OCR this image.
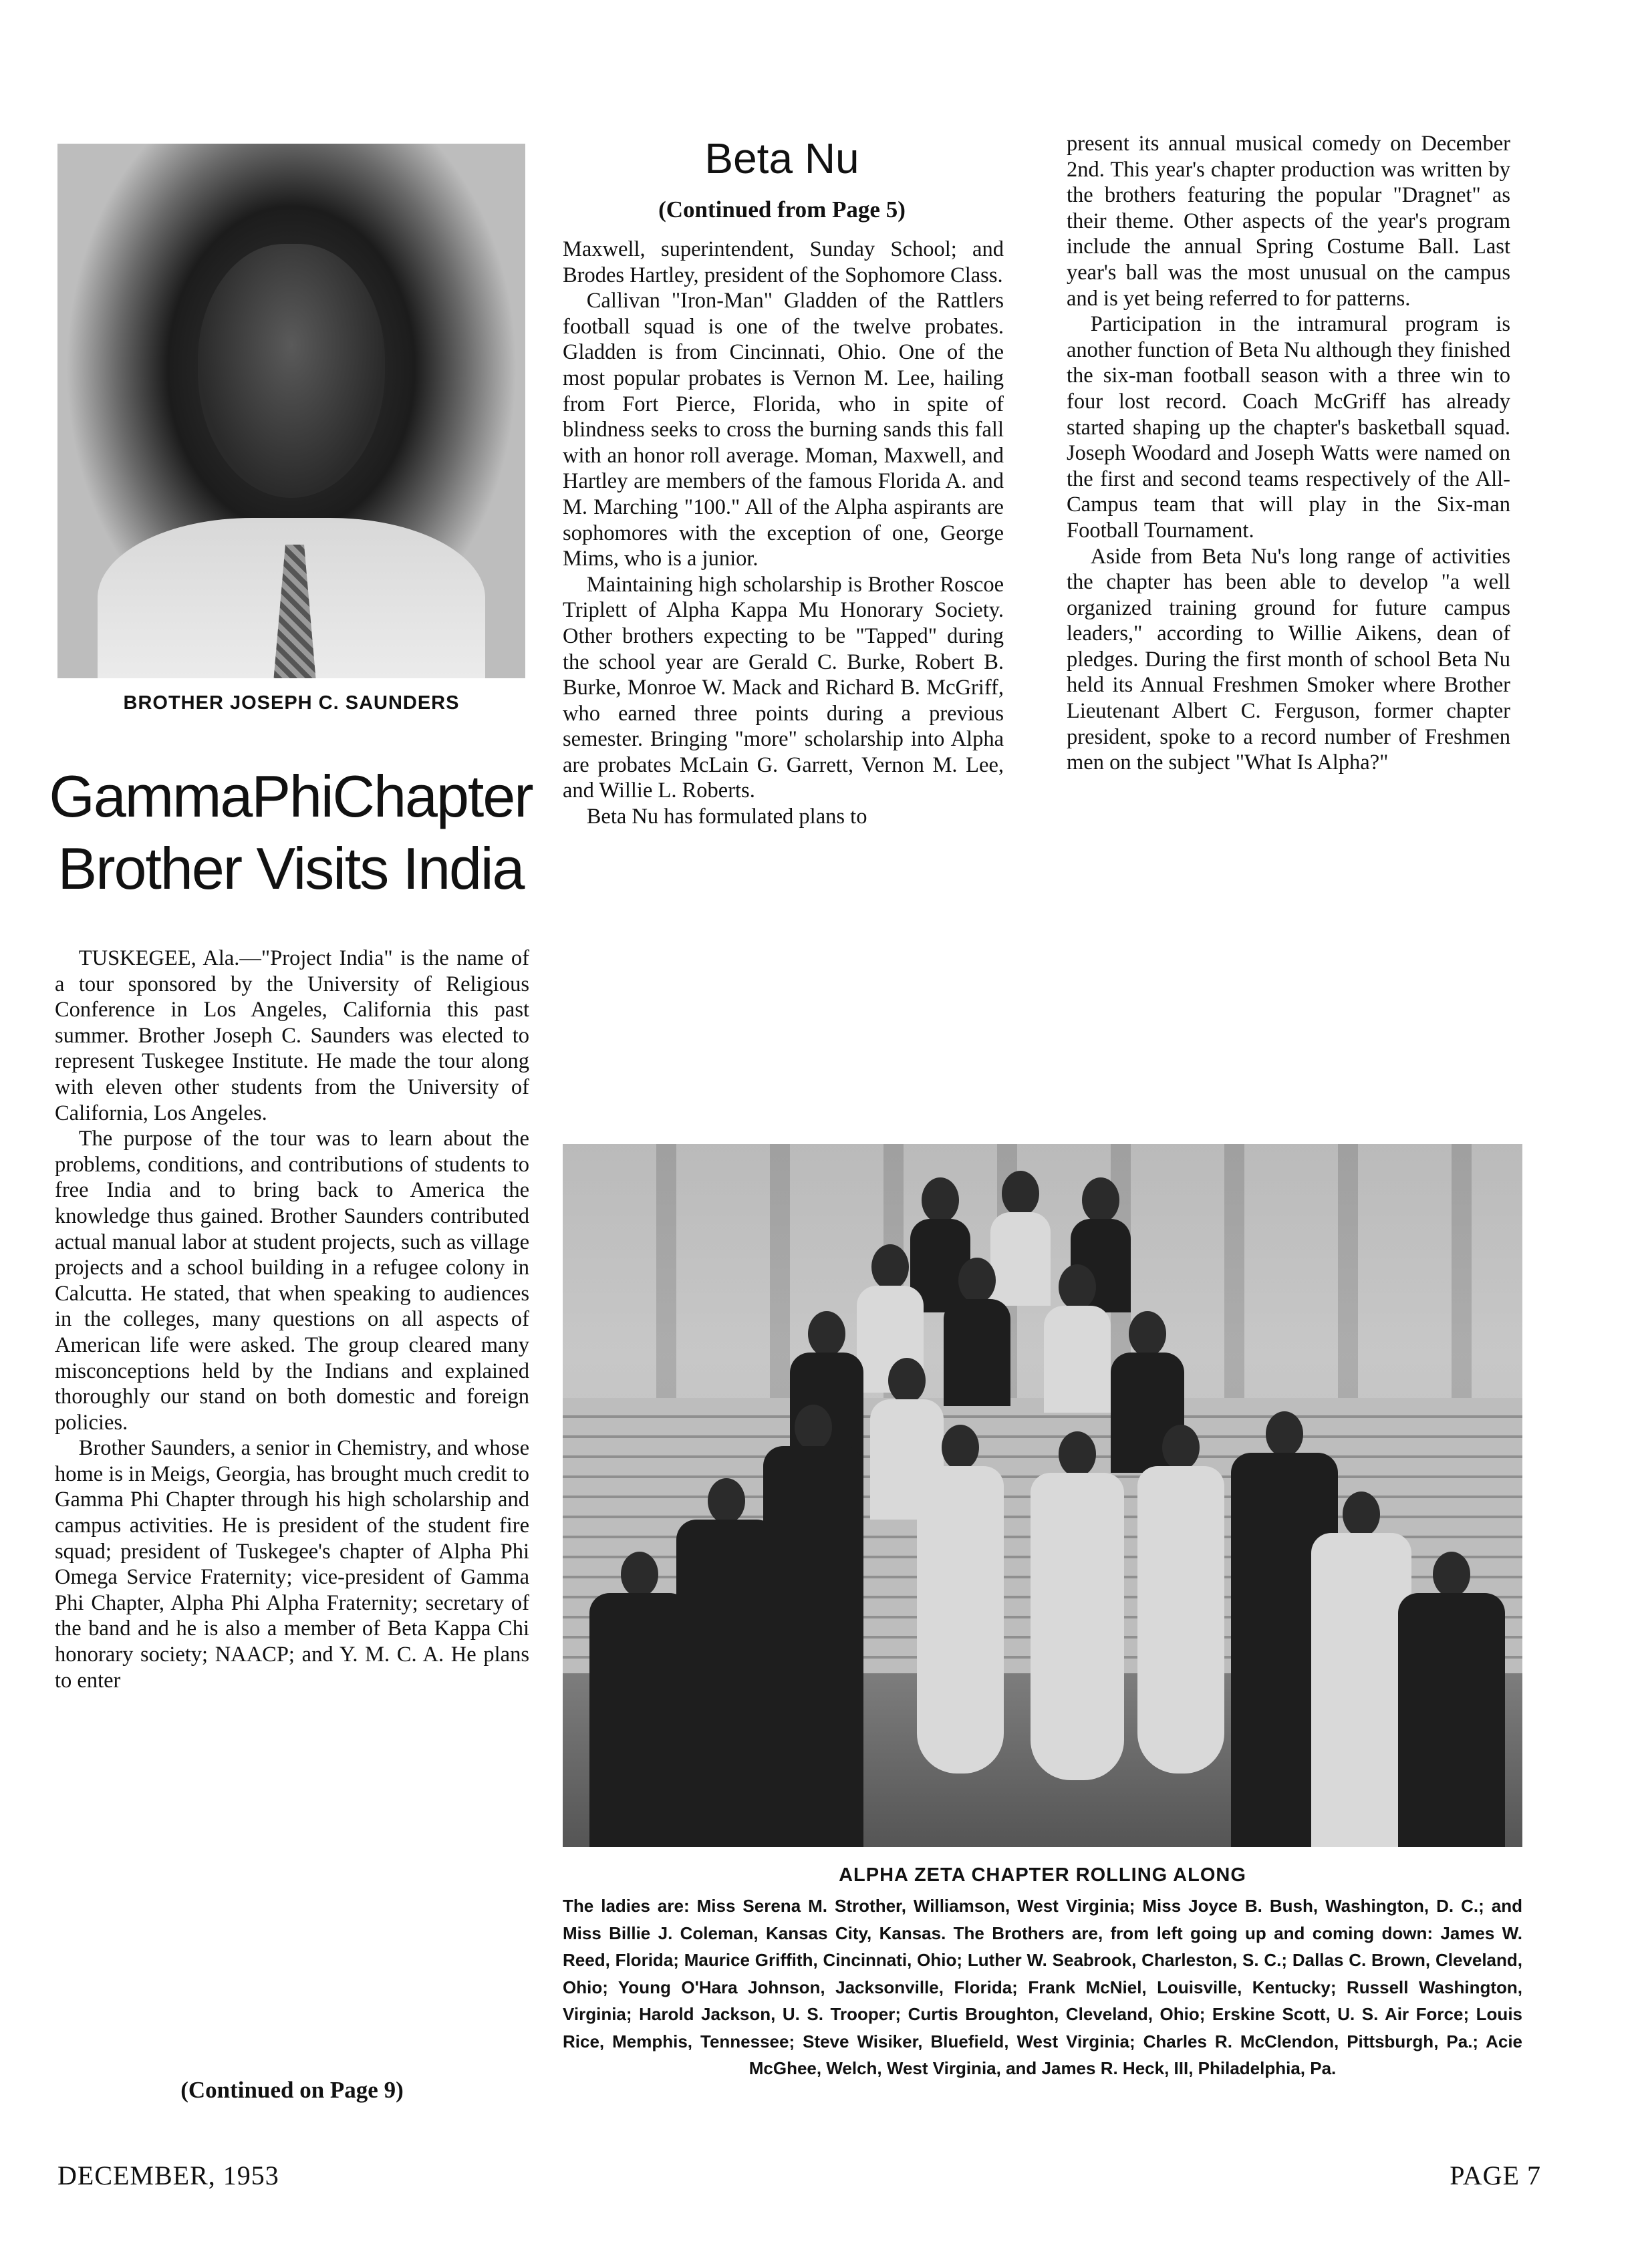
BROTHER JOSEPH C. SAUNDERS
GammaPhiChapter
Brother Visits India

TUSKEGEE, Ala.—"Project India" is the name of a tour sponsored by the University of Religious Conference in Los Angeles, California this past summer. Brother Joseph C. Saunders was elected to represent Tuskegee Institute. He made the tour along with eleven other students from the University of California, Los Angeles.

The purpose of the tour was to learn about the problems, conditions, and contributions of students to free India and to bring back to America the knowledge thus gained. Brother Saunders contributed actual manual labor at student projects, such as village projects and a school building in a refugee colony in Calcutta. He stated, that when speaking to audiences in the colleges, many questions on all aspects of American life were asked. The group cleared many misconceptions held by the Indians and explained thoroughly our stand on both domestic and foreign policies.

Brother Saunders, a senior in Chemistry, and whose home is in Meigs, Georgia, has brought much credit to Gamma Phi Chapter through his high scholarship and campus activities. He is president of the student fire squad; president of Tuskegee's chapter of Alpha Phi Omega Service Fraternity; vice-president of Gamma Phi Chapter, Alpha Phi Alpha Fraternity; secretary of the band and he is also a member of Beta Kappa Chi honorary society; NAACP; and Y. M. C. A. He plans to enter

(Continued on Page 9)
Beta Nu
(Continued from Page 5)

Maxwell, superintendent, Sunday School; and Brodes Hartley, president of the Sophomore Class.

Callivan "Iron-Man" Gladden of the Rattlers football squad is one of the twelve probates. Gladden is from Cincinnati, Ohio. One of the most popular probates is Vernon M. Lee, hailing from Fort Pierce, Florida, who in spite of blindness seeks to cross the burning sands this fall with an honor roll average. Moman, Maxwell, and Hartley are members of the famous Florida A. and M. Marching "100." All of the Alpha aspirants are sophomores with the exception of one, George Mims, who is a junior.

Maintaining high scholarship is Brother Roscoe Triplett of Alpha Kappa Mu Honorary Society. Other brothers expecting to be "Tapped" during the school year are Gerald C. Burke, Robert B. Burke, Monroe W. Mack and Richard B. McGriff, who earned three points during a previous semester. Bringing "more" scholarship into Alpha are probates McLain G. Garrett, Vernon M. Lee, and Willie L. Roberts.

Beta Nu has formulated plans to

present its annual musical comedy on December 2nd. This year's chapter production was written by the brothers featuring the popular "Dragnet" as their theme. Other aspects of the year's program include the annual Spring Costume Ball. Last year's ball was the most unusual on the campus and is yet being referred to for patterns.

Participation in the intramural program is another function of Beta Nu although they finished the six-man football season with a three win to four lost record. Coach McGriff has already started shaping up the chapter's basketball squad. Joseph Woodard and Joseph Watts were named on the first and second teams respectively of the All-Campus team that will play in the Six-man Football Tournament.

Aside from Beta Nu's long range of activities the chapter has been able to develop "a well organized training ground for future campus leaders," according to Willie Aikens, dean of pledges. During the first month of school Beta Nu held its Annual Freshmen Smoker where Brother Lieutenant Albert C. Ferguson, former chapter president, spoke to a record number of Freshmen men on the subject "What Is Alpha?"

ALPHA ZETA CHAPTER ROLLING ALONG
The ladies are: Miss Serena M. Strother, Williamson, West Virginia; Miss Joyce B. Bush, Washington, D. C.; and Miss Billie J. Coleman, Kansas City, Kansas. The Brothers are, from left going up and coming down: James W. Reed, Florida; Maurice Griffith, Cincinnati, Ohio; Luther W. Seabrook, Charleston, S. C.; Dallas C. Brown, Cleveland, Ohio; Young O'Hara Johnson, Jacksonville, Florida; Frank McNiel, Louisville, Kentucky; Russell Washington, Virginia; Harold Jackson, U. S. Trooper; Curtis Broughton, Cleveland, Ohio; Erskine Scott, U. S. Air Force; Louis Rice, Memphis, Tennessee; Steve Wisiker, Bluefield, West Virginia; Charles R. McClendon, Pittsburgh, Pa.; Acie McGhee, Welch, West Virginia, and James R. Heck, III, Philadelphia, Pa.
DECEMBER, 1953	PAGE 7
